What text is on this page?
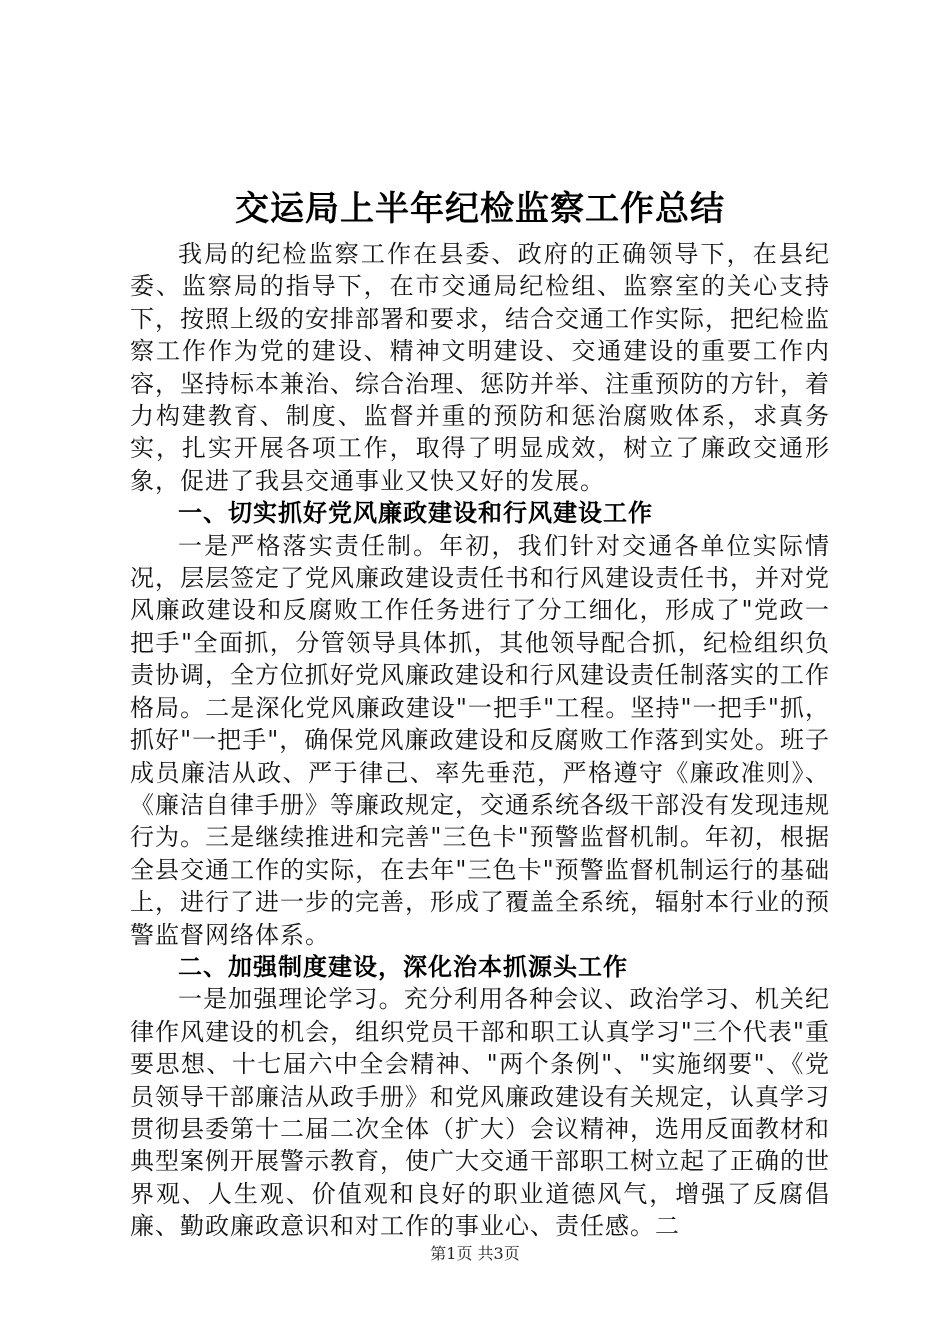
交运局上半年纪检监察工作总结

我局的纪检监察工作在县委、政府的正确领导下，在县纪委、监察局的指导下，在市交通局纪检组、监察室的关心支持下，按照上级的安排部署和要求，结合交通工作实际，把纪检监察工作作为党的建设、精神文明建设、交通建设的重要工作内容，坚持标本兼治、综合治理、惩防并举、注重预防的方针，着力构建教育、制度、监督并重的预防和惩治腐败体系，求真务实，扎实开展各项工作，取得了明显成效，树立了廉政交通形象，促进了我县交通事业又快又好的发展。

一、切实抓好党风廉政建设和行风建设工作

一是严格落实责任制。年初，我们针对交通各单位实际情况，层层签定了党风廉政建设责任书和行风建设责任书，并对党风廉政建设和反腐败工作任务进行了分工细化，形成了"党政一把手"全面抓，分管领导具体抓，其他领导配合抓，纪检组织负责协调，全方位抓好党风廉政建设和行风建设责任制落实的工作格局。二是深化党风廉政建设"一把手"工程。坚持"一把手"抓，抓好"一把手"，确保党风廉政建设和反腐败工作落到实处。班子成员廉洁从政、严于律己、率先垂范，严格遵守《廉政准则》、《廉洁自律手册》等廉政规定，交通系统各级干部没有发现违规行为。三是继续推进和完善"三色卡"预警监督机制。年初，根据全县交通工作的实际，在去年"三色卡"预警监督机制运行的基础上，进行了进一步的完善，形成了覆盖全系统，辐射本行业的预警监督网络体系。

二、加强制度建设，深化治本抓源头工作

一是加强理论学习。充分利用各种会议、政治学习、机关纪律作风建设的机会，组织党员干部和职工认真学习"三个代表"重要思想、十七届六中全会精神、"两个条例"、"实施纲要"、《党员领导干部廉洁从政手册》和党风廉政建设有关规定，认真学习贯彻县委第十二届二次全体（扩大）会议精神，选用反面教材和典型案例开展警示教育，使广大交通干部职工树立起了正确的世界观、人生观、价值观和良好的职业道德风气，增强了反腐倡廉、勤政廉政意识和对工作的事业心、责任感。二

第1页 共3页
